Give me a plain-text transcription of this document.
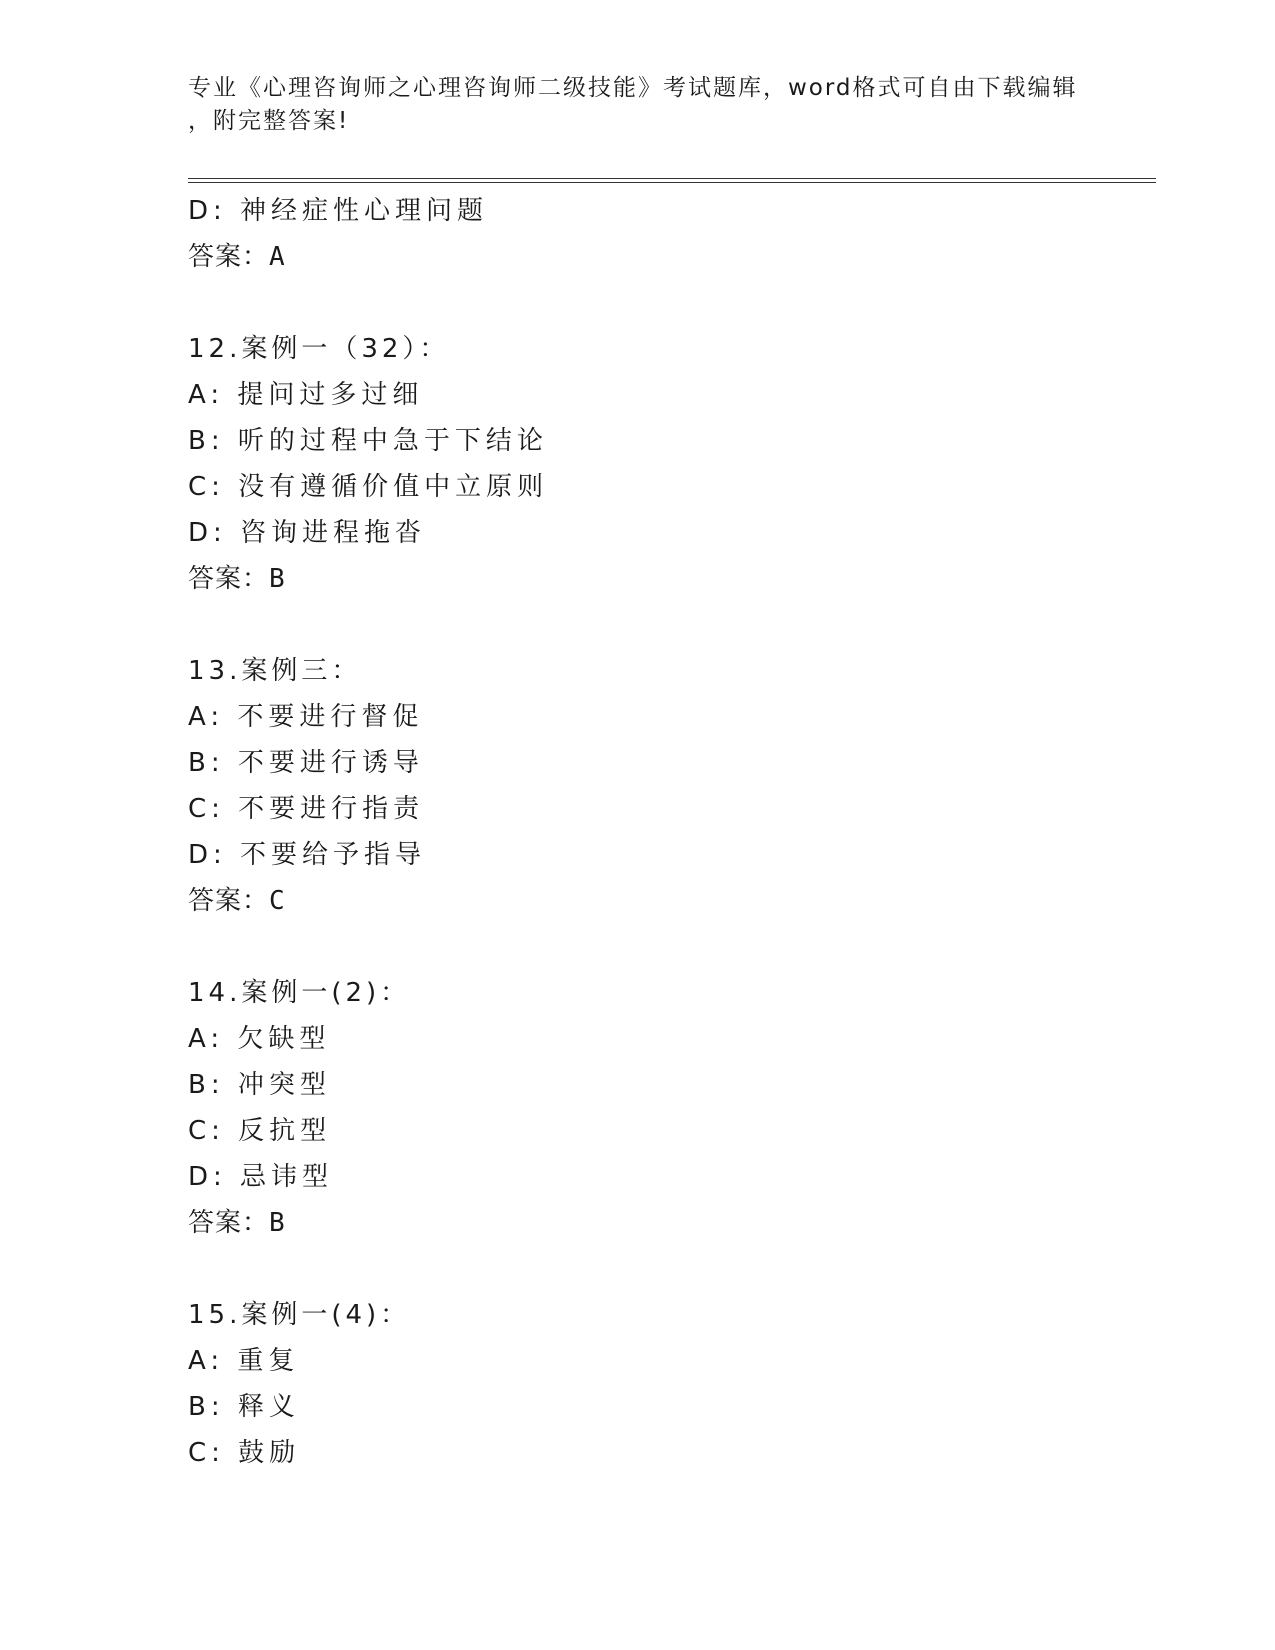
专业《心理咨询师之心理咨询师二级技能》考试题库，word格式可自由下载编辑
，附完整答案!
D: 神经症性心理问题
答案：A
12.案例一（32）：
A: 提问过多过细
B: 听的过程中急于下结论
C: 没有遵循价值中立原则
D: 咨询进程拖沓
答案：B
13.案例三：
A: 不要进行督促
B: 不要进行诱导
C: 不要进行指责
D: 不要给予指导
答案：C
14.案例一(2)：
A: 欠缺型
B: 冲突型
C: 反抗型
D: 忌讳型
答案：B
15.案例一(4)：
A: 重复
B: 释义
C: 鼓励
